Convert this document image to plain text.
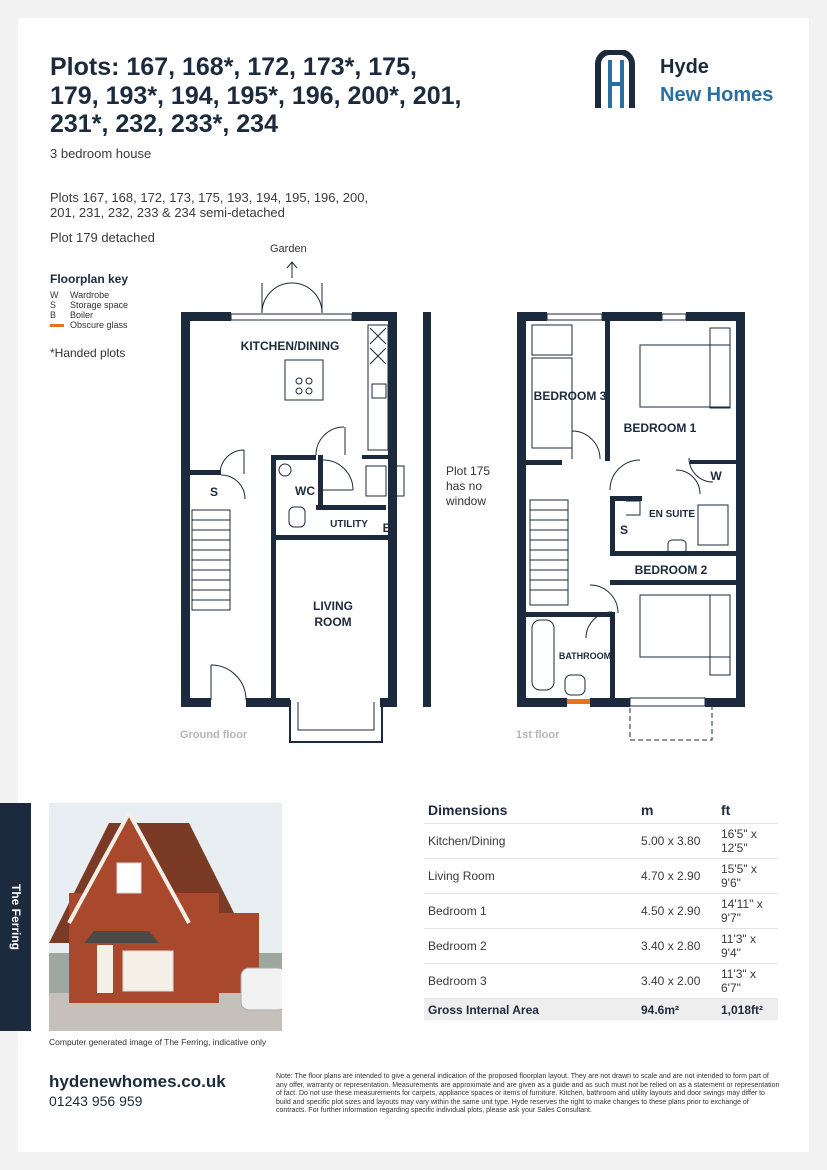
Plots: 167, 168*, 172, 173*, 175, 179, 193*, 194, 195*, 196, 200*, 201, 231*, 232, 233*, 234
3 bedroom house
Plots 167, 168, 172, 173, 175, 193, 194, 195, 196, 200, 201, 231, 232, 233 & 234 semi-detached
Plot 179 detached
Hyde
New Homes
Floorplan key
W Wardrobe
S Storage space
B Boiler
Obscure glass
*Handed plots
Garden
KITCHEN/DINING
WC
UTILITY B
S
LIVING
ROOM
BEDROOM 3
BEDROOM 1
W
EN SUITE
S
BEDROOM 2
BATHROOM
Ground floor	1st floor
Plot 175
has no
window
The Ferring
Computer generated image of The Ferring, indicative only
Dimensions	m	ft
Kitchen/Dining	5.00 x 3.80	16'5" x 12'5"
Living Room	4.70 x 2.90	15'5" x 9'6"
Bedroom 1	4.50 x 2.90	14'11" x 9'7"
Bedroom 2	3.40 x 2.80	11'3" x 9'4"
Bedroom 3	3.40 x 2.00	11'3" x 6'7"
Gross Internal Area	94.6m²	1,018ft²
hydenewhomes.co.uk
01243 956 959
Note: The floor plans are intended to give a general indication of the proposed floorplan layout. They are not drawn to scale and are not intended to form part of any offer, warranty or representation. Measurements are approximate and are given as a guide and as such must not be relied on as a statement or representation of fact. Do not use these measurements for carpets, appliance spaces or items of furniture. Kitchen, bathroom and utility layouts and door swings may differ to build and specific plot sizes and layouts may vary within the same unit type. Hyde reserves the right to make changes to these plans prior to exchange of contracts. For further information regarding specific individual plots, please ask your Sales Consultant.
